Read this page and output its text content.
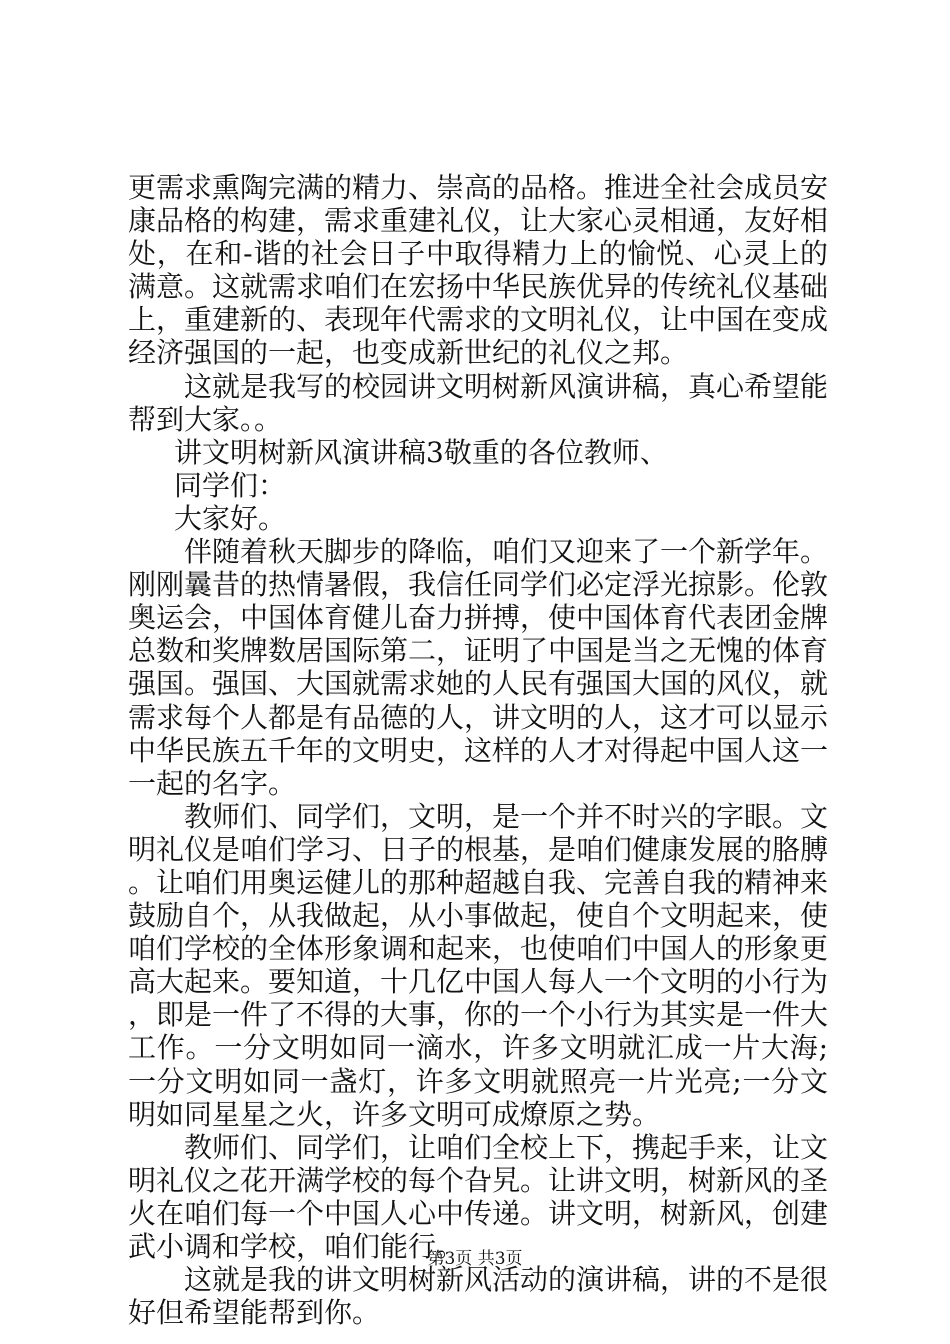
更需求熏陶完满的精力、崇高的品格。推进全社会成员安康品格的构建，需求重建礼仪，让大家心灵相通，友好相处，在和-谐的社会日子中取得精力上的愉悦、心灵上的满意。这就需求咱们在宏扬中华民族优异的传统礼仪基础上，重建新的、表现年代需求的文明礼仪，让中国在变成经济强国的一起，也变成新世纪的礼仪之邦。

这就是我写的校园讲文明树新风演讲稿，真心希望能帮到大家。。

讲文明树新风演讲稿3敬重的各位教师、

同学们：

大家好。

伴随着秋天脚步的降临，咱们又迎来了一个新学年。刚刚曩昔的热情暑假，我信任同学们必定浮光掠影。伦敦奥运会，中国体育健儿奋力拼搏，使中国体育代表团金牌总数和奖牌数居国际第二，证明了中国是当之无愧的体育强国。强国、大国就需求她的人民有强国大国的风仪，就需求每个人都是有品德的人，讲文明的人，这才可以显示中华民族五千年的文明史，这样的人才对得起中国人这一一起的名字。

教师们、同学们，文明，是一个并不时兴的字眼。文明礼仪是咱们学习、日子的根基，是咱们健康发展的胳膊。让咱们用奥运健儿的那种超越自我、完善自我的精神来鼓励自个，从我做起，从小事做起，使自个文明起来，使咱们学校的全体形象调和起来，也使咱们中国人的形象更高大起来。要知道，十几亿中国人每人一个文明的小行为，即是一件了不得的大事，你的一个小行为其实是一件大工作。一分文明如同一滴水，许多文明就汇成一片大海;一分文明如同一盏灯，许多文明就照亮一片光亮;一分文明如同星星之火，许多文明可成燎原之势。

教师们、同学们，让咱们全校上下，携起手来，让文明礼仪之花开满学校的每个旮旯。让讲文明，树新风的圣火在咱们每一个中国人心中传递。讲文明，树新风，创建武小调和学校，咱们能行。

这就是我的讲文明树新风活动的演讲稿，讲的不是很好但希望能帮到你。

第3页 共3页
